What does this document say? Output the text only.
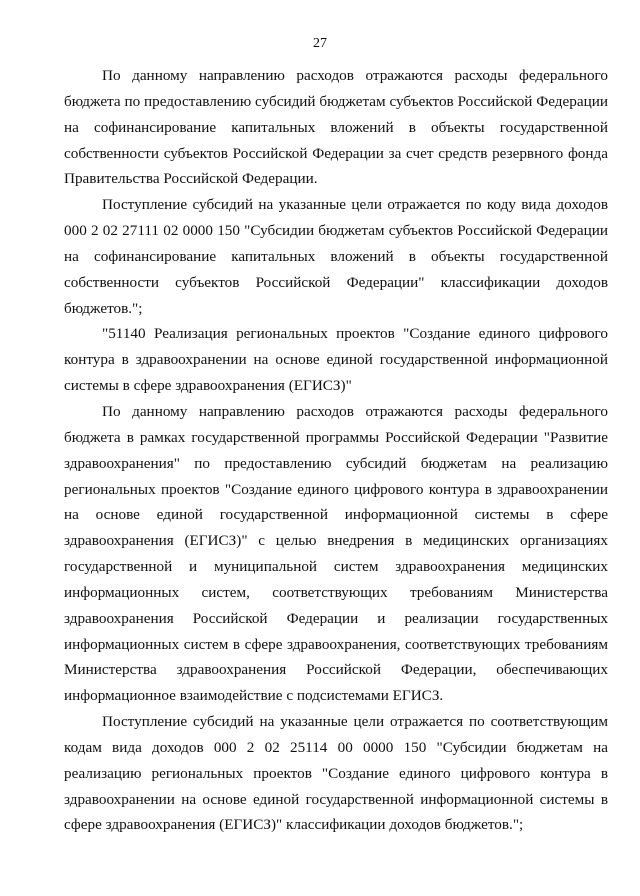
27

По данному направлению расходов отражаются расходы федерального бюджета по предоставлению субсидий бюджетам субъектов Российской Федерации на софинансирование капитальных вложений в объекты государственной собственности субъектов Российской Федерации за счет средств резервного фонда Правительства Российской Федерации.

Поступление субсидий на указанные цели отражается по коду вида доходов 000 2 02 27111 02 0000 150 "Субсидии бюджетам субъектов Российской Федерации на софинансирование капитальных вложений в объекты государственной собственности субъектов Российской Федерации" классификации доходов бюджетов.";

"51140 Реализация региональных проектов "Создание единого цифрового контура в здравоохранении на основе единой государственной информационной системы в сфере здравоохранения (ЕГИСЗ)"

По данному направлению расходов отражаются расходы федерального бюджета в рамках государственной программы Российской Федерации "Развитие здравоохранения" по предоставлению субсидий бюджетам на реализацию региональных проектов "Создание единого цифрового контура в здравоохранении на основе единой государственной информационной системы в сфере здравоохранения (ЕГИСЗ)" с целью внедрения в медицинских организациях государственной и муниципальной систем здравоохранения медицинских информационных систем, соответствующих требованиям Министерства здравоохранения Российской Федерации и реализации государственных информационных систем в сфере здравоохранения, соответствующих требованиям Министерства здравоохранения Российской Федерации, обеспечивающих информационное взаимодействие с подсистемами ЕГИСЗ.

Поступление субсидий на указанные цели отражается по соответствующим кодам вида доходов 000 2 02 25114 00 0000 150 "Субсидии бюджетам на реализацию региональных проектов "Создание единого цифрового контура в здравоохранении на основе единой государственной информационной системы в сфере здравоохранения (ЕГИСЗ)" классификации доходов бюджетов.";
